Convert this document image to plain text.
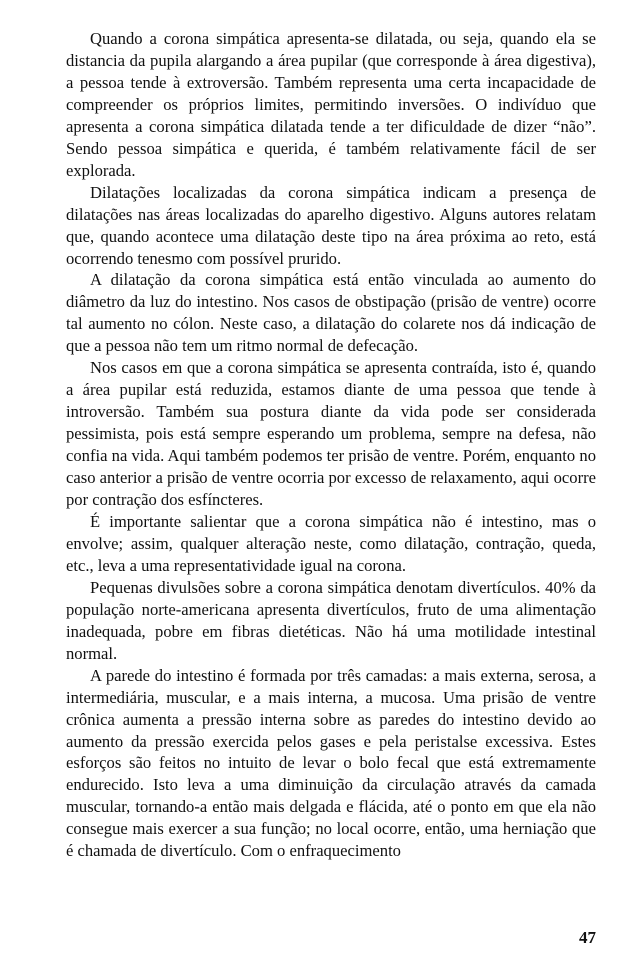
Quando a corona simpática apresenta-se dilatada, ou seja, quando ela se distancia da pupila alargando a área pupilar (que corresponde à área digestiva), a pessoa tende à extroversão. Também representa uma certa incapacidade de compreender os próprios limites, permitindo inversões. O indivíduo que apresenta a corona simpática dilatada tende a ter dificuldade de dizer “não”. Sendo pessoa simpática e querida, é também relativamente fácil de ser explorada.

Dilatações localizadas da corona simpática indicam a presença de dilatações nas áreas localizadas do aparelho digestivo. Alguns autores relatam que, quando acontece uma dilatação deste tipo na área próxima ao reto, está ocorrendo tenesmo com possível prurido.

A dilatação da corona simpática está então vinculada ao aumento do diâmetro da luz do intestino. Nos casos de obstipação (prisão de ventre) ocorre tal aumento no cólon. Neste caso, a dilatação do colarete nos dá indicação de que a pessoa não tem um ritmo normal de defecação.

Nos casos em que a corona simpática se apresenta contraída, isto é, quando a área pupilar está reduzida, estamos diante de uma pessoa que tende à introversão. Também sua postura diante da vida pode ser considerada pessimista, pois está sempre esperando um problema, sempre na defesa, não confia na vida. Aqui também podemos ter prisão de ventre. Porém, enquanto no caso anterior a prisão de ventre ocorria por excesso de relaxamento, aqui ocorre por contração dos esfíncteres.

É importante salientar que a corona simpática não é intestino, mas o envolve; assim, qualquer alteração neste, como dilatação, contração, queda, etc., leva a uma representatividade igual na corona.

Pequenas divulsões sobre a corona simpática denotam divertículos. 40% da população norte-americana apresenta divertículos, fruto de uma alimentação inadequada, pobre em fibras dietéticas. Não há uma motilidade intestinal normal.

A parede do intestino é formada por três camadas: a mais externa, serosa, a intermediária, muscular, e a mais interna, a mucosa. Uma prisão de ventre crônica aumenta a pressão interna sobre as paredes do intestino devido ao aumento da pressão exercida pelos gases e pela peristalse excessiva. Estes esforços são feitos no intuito de levar o bolo fecal que está extremamente endurecido. Isto leva a uma diminuição da circulação através da camada muscular, tornando-a então mais delgada e flácida, até o ponto em que ela não consegue mais exercer a sua função; no local ocorre, então, uma herniação que é chamada de divertículo. Com o enfraquecimento

47
